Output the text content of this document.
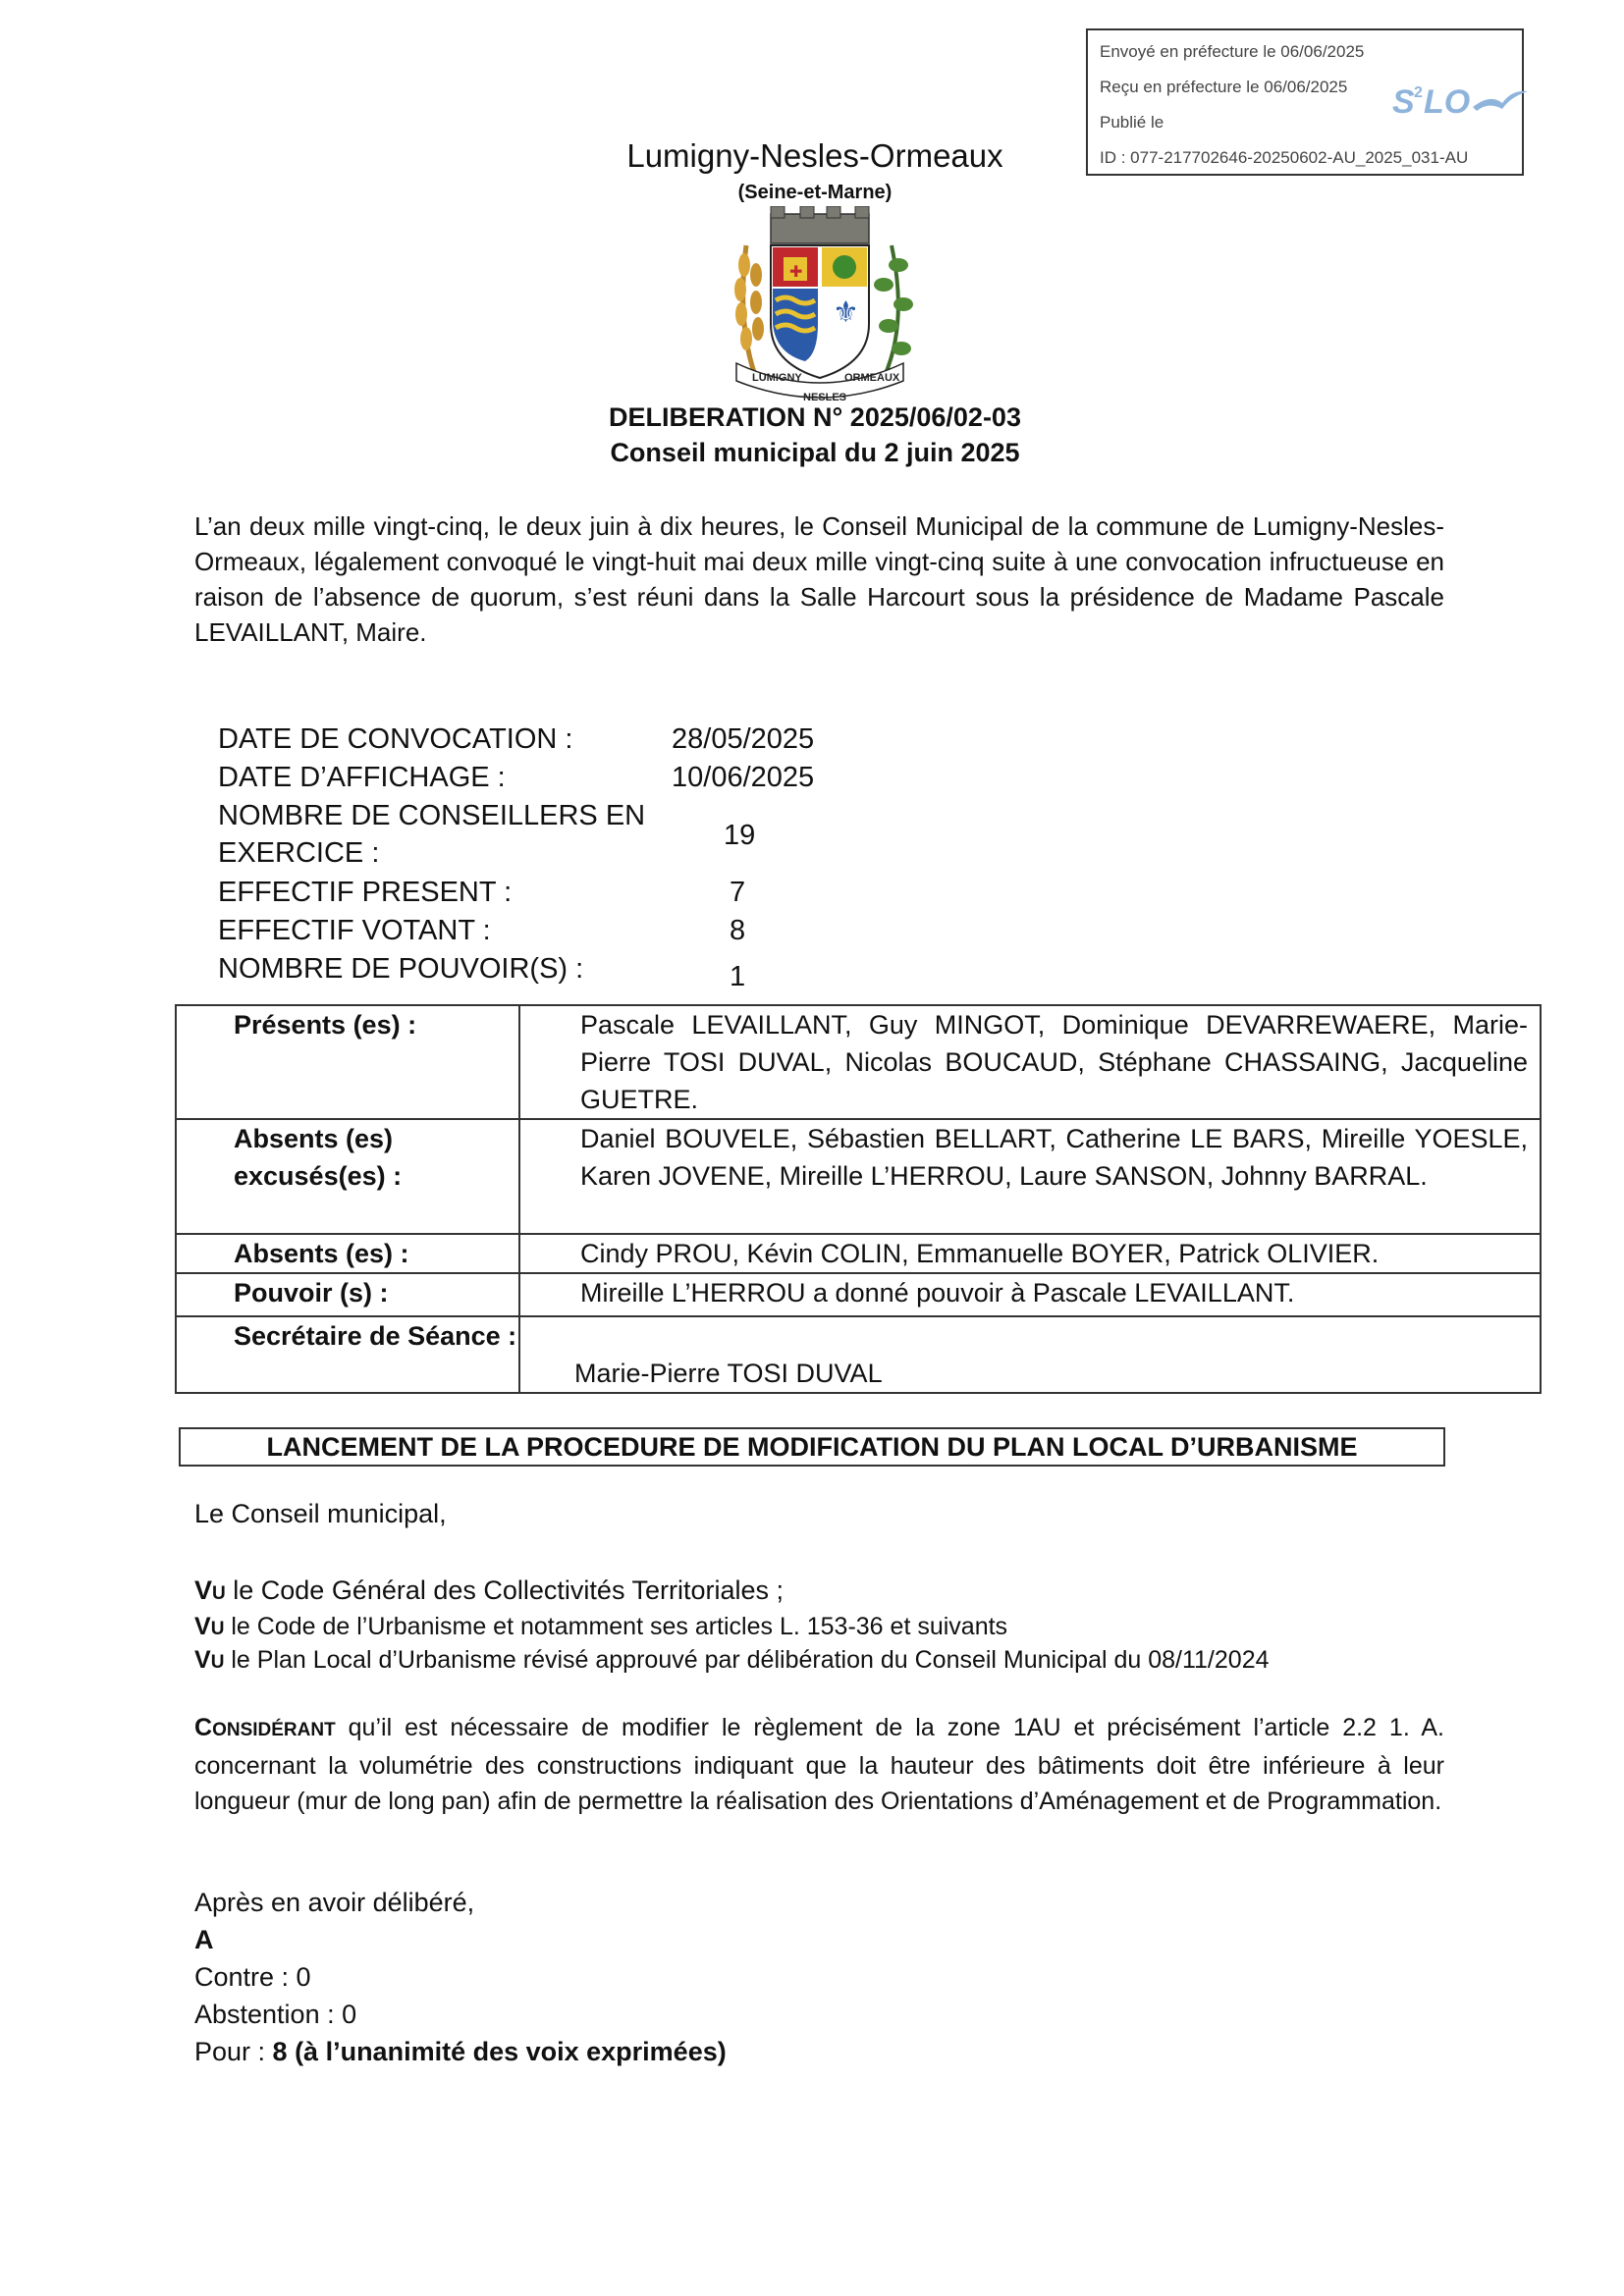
Envoyé en préfecture le 06/06/2025
Reçu en préfecture le 06/06/2025
Publié le
ID : 077-217702646-20250602-AU_2025_031-AU
S 2 LO
Lumigny-Nesles-Ormeaux
(Seine-et-Marne)
✚
⚜
LUMIGNY	ORMEAUX
NESLES
DELIBERATION N° 2025/06/02-03
Conseil municipal du 2 juin 2025
L’an deux mille vingt-cinq, le deux juin à dix heures, le Conseil Municipal de la commune de Lumigny-Nesles-Ormeaux, légalement convoqué le vingt-huit mai deux mille vingt-cinq suite à une convocation infructueuse en raison de l’absence de quorum, s’est réuni dans la Salle Harcourt sous la présidence de Madame Pascale LEVAILLANT, Maire.
DATE DE CONVOCATION :	28/05/2025
DATE D’AFFICHAGE :	10/06/2025
NOMBRE DE CONSEILLERS EN
EXERCICE :
19
EFFECTIF PRESENT :	7
EFFECTIF VOTANT :	8
NOMBRE DE POUVOIR(S) :	1
Présents (es) :	Pascale LEVAILLANT, Guy MINGOT, Dominique DEVARREWAERE, Marie-Pierre TOSI DUVAL, Nicolas BOUCAUD, Stéphane CHASSAING, Jacqueline GUETRE.
Absents (es) excusés(es) :	Daniel BOUVELE, Sébastien BELLART, Catherine LE BARS, Mireille YOESLE, Karen JOVENE, Mireille L’HERROU, Laure SANSON, Johnny BARRAL.
Absents (es) :	Cindy PROU, Kévin COLIN, Emmanuelle BOYER, Patrick OLIVIER.
Pouvoir (s) :	Mireille L’HERROU a donné pouvoir à Pascale LEVAILLANT.
Secrétaire de Séance :	Marie-Pierre TOSI DUVAL
LANCEMENT DE LA PROCEDURE DE MODIFICATION DU PLAN LOCAL D’URBANISME
Le Conseil municipal,
VU le Code Général des Collectivités Territoriales ;
VU le Code de l’Urbanisme et notamment ses articles L. 153-36 et suivants
VU le Plan Local d’Urbanisme révisé approuvé par délibération du Conseil Municipal du 08/11/2024
CONSIDÉRANT qu’il est nécessaire de modifier le règlement de la zone 1AU et précisément l’article 2.2 1. A. concernant la volumétrie des constructions indiquant que la hauteur des bâtiments doit être inférieure à leur longueur (mur de long pan) afin de permettre la réalisation des Orientations d’Aménagement et de Programmation.
Après en avoir délibéré,
A
Contre : 0
Abstention : 0
Pour : 8 (à l’unanimité des voix exprimées)
